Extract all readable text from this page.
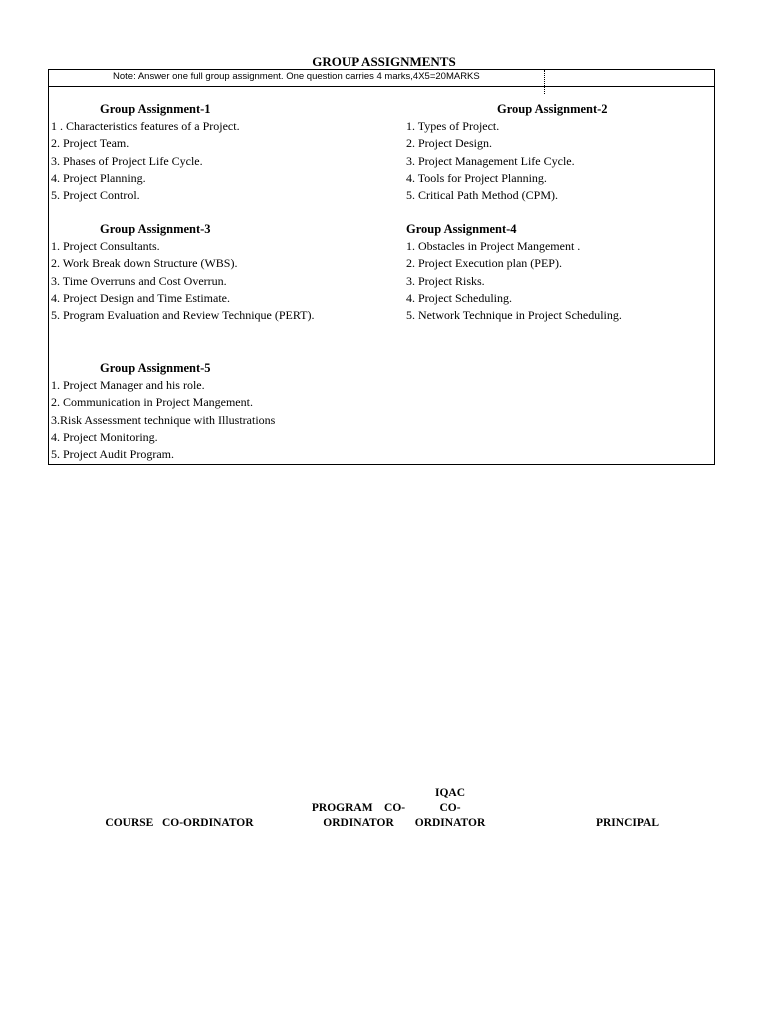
GROUP ASSIGNMENTS
Note: Answer one full group assignment. One question carries 4 marks,4X5=20MARKS
Group Assignment-1
1 . Characteristics features of a Project.
2. Project Team.
3. Phases of Project Life Cycle.
4. Project Planning.
5. Project Control.
Group Assignment-2
1. Types of Project.
2. Project Design.
3. Project Management Life Cycle.
4. Tools for Project Planning.
5. Critical Path Method (CPM).
Group Assignment-3
1. Project Consultants.
2. Work Break down Structure (WBS).
3. Time Overruns and Cost Overrun.
4. Project Design and Time Estimate.
5. Program Evaluation and Review Technique (PERT).
Group Assignment-4
1. Obstacles in Project Mangement .
2. Project Execution plan (PEP).
3. Project Risks.
4. Project Scheduling.
5. Network Technique in Project Scheduling.
Group Assignment-5
1. Project Manager and his role.
2. Communication in Project Mangement.
3.Risk Assessment technique with Illustrations
4. Project Monitoring.
5. Project Audit Program.
COURSE   CO-ORDINATOR
PROGRAM    CO-
ORDINATOR
IQAC
CO-
ORDINATOR	PRINCIPAL
